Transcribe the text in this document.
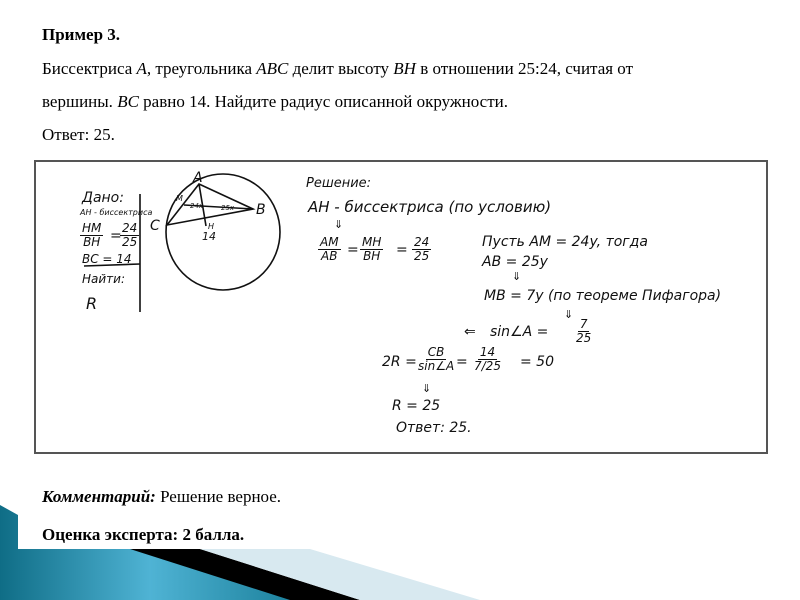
Пример 3.
Биссектриса A, треугольника ABC делит высоту BH в отношении 25:24, считая от
вершины. BC равно 14. Найдите радиус описанной окружности.
Ответ: 25.
Дано:
AH - биссектриса
HM
BH = 24
25
BC = 14
Найти:
R
A
B
C
M
H
14
24x	25x
Решение:
AH - биссектриса (по условию)
⇓
AM
AB = MH
BH = 24
25
Пусть AM = 24y, тогда
AB = 25y
⇓
MB = 7y (по теореме Пифагора)
⇓
⇐ sin∠A =	7
25
2R =
CB
sin∠A =
14
7/25 = 50
⇓
R = 25
Ответ: 25.
Комментарий: Решение верное.
Оценка эксперта: 2 балла.
